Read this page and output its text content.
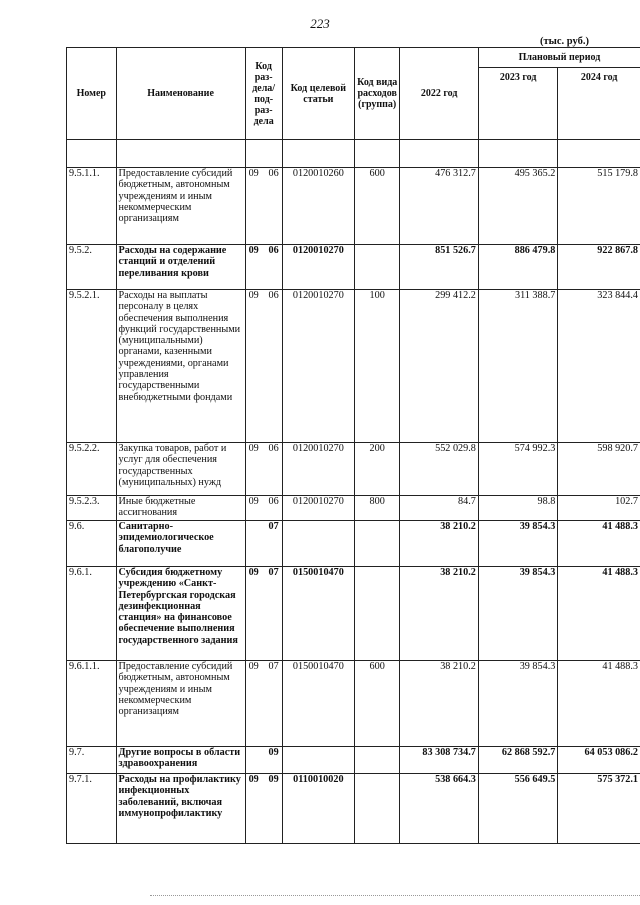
223
(тыс. руб.)
Номер	Наименование	Код раз-дела/ под-раз-дела	Код целевой статьи	Код вида расходов (группа)	2022 год	Плановый период	
						2023 год	2024 год

9.5.1.1.	Предоставление субсидий бюджетным, автономным учреждениям и иным некоммерческим организациям	09 06	0120010260	600	476 312.7	495 365.2	515 179.8
9.5.2.	Расходы на содержание станций и отделений переливания крови	09 06	0120010270		851 526.7	886 479.8	922 867.8
9.5.2.1.	Расходы на выплаты персоналу в целях обеспечения выполнения функций государственными (муниципальными) органами, казенными учреждениями, органами управления государственными внебюджетными фондами	09 06	0120010270	100	299 412.2	311 388.7	323 844.4
9.5.2.2.	Закупка товаров, работ и услуг для обеспечения государственных (муниципальных) нужд	09 06	0120010270	200	552 029.8	574 992.3	598 920.7
9.5.2.3.	Иные бюджетные ассигнования	09 06	0120010270	800	84.7	98.8	102.7
9.6.	Санитарно-эпидемиологическое благополучие	07			38 210.2	39 854.3	41 488.3
9.6.1.	Субсидия бюджетному учреждению «Санкт-Петербургская городская дезинфекционная станция» на финансовое обеспечение выполнения государственного задания	09 07	0150010470		38 210.2	39 854.3	41 488.3
9.6.1.1.	Предоставление субсидий бюджетным, автономным учреждениям и иным некоммерческим организациям	09 07	0150010470	600	38 210.2	39 854.3	41 488.3
9.7.	Другие вопросы в области здравоохранения	09			83 308 734.7	62 868 592.7	64 053 086.2
9.7.1.	Расходы на профилактику инфекционных заболеваний, включая иммунопрофилактику	09 09	0110010020		538 664.3	556 649.5	575 372.1
